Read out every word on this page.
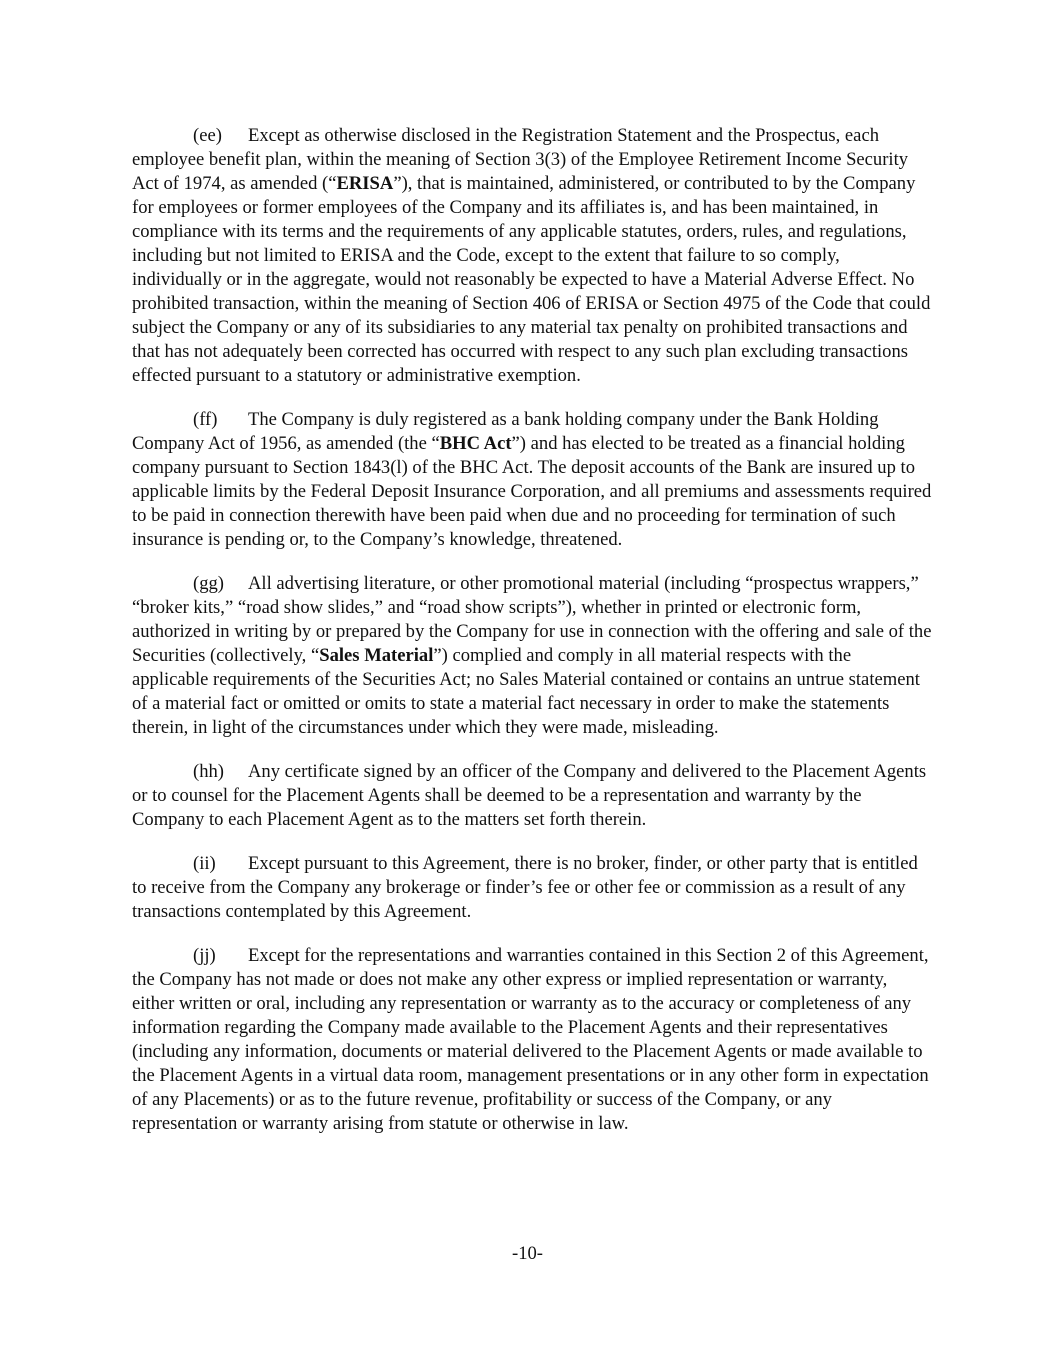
(ee) Except as otherwise disclosed in the Registration Statement and the Prospectus, each employee benefit plan, within the meaning of Section 3(3) of the Employee Retirement Income Security Act of 1974, as amended (“ERISA”), that is maintained, administered, or contributed to by the Company for employees or former employees of the Company and its affiliates is, and has been maintained, in compliance with its terms and the requirements of any applicable statutes, orders, rules, and regulations, including but not limited to ERISA and the Code, except to the extent that failure to so comply, individually or in the aggregate, would not reasonably be expected to have a Material Adverse Effect. No prohibited transaction, within the meaning of Section 406 of ERISA or Section 4975 of the Code that could subject the Company or any of its subsidiaries to any material tax penalty on prohibited transactions and that has not adequately been corrected has occurred with respect to any such plan excluding transactions effected pursuant to a statutory or administrative exemption.

(ff) The Company is duly registered as a bank holding company under the Bank Holding Company Act of 1956, as amended (the “BHC Act”) and has elected to be treated as a financial holding company pursuant to Section 1843(l) of the BHC Act. The deposit accounts of the Bank are insured up to applicable limits by the Federal Deposit Insurance Corporation, and all premiums and assessments required to be paid in connection therewith have been paid when due and no proceeding for termination of such insurance is pending or, to the Company’s knowledge, threatened.

(gg) All advertising literature, or other promotional material (including “prospectus wrappers,” “broker kits,” “road show slides,” and “road show scripts”), whether in printed or electronic form, authorized in writing by or prepared by the Company for use in connection with the offering and sale of the Securities (collectively, “Sales Material”) complied and comply in all material respects with the applicable requirements of the Securities Act; no Sales Material contained or contains an untrue statement of a material fact or omitted or omits to state a material fact necessary in order to make the statements therein, in light of the circumstances under which they were made, misleading.

(hh) Any certificate signed by an officer of the Company and delivered to the Placement Agents or to counsel for the Placement Agents shall be deemed to be a representation and warranty by the Company to each Placement Agent as to the matters set forth therein.

(ii) Except pursuant to this Agreement, there is no broker, finder, or other party that is entitled to receive from the Company any brokerage or finder’s fee or other fee or commission as a result of any transactions contemplated by this Agreement.

(jj) Except for the representations and warranties contained in this Section 2 of this Agreement, the Company has not made or does not make any other express or implied representation or warranty, either written or oral, including any representation or warranty as to the accuracy or completeness of any information regarding the Company made available to the Placement Agents and their representatives (including any information, documents or material delivered to the Placement Agents or made available to the Placement Agents in a virtual data room, management presentations or in any other form in expectation of any Placements) or as to the future revenue, profitability or success of the Company, or any representation or warranty arising from statute or otherwise in law.

-10-
